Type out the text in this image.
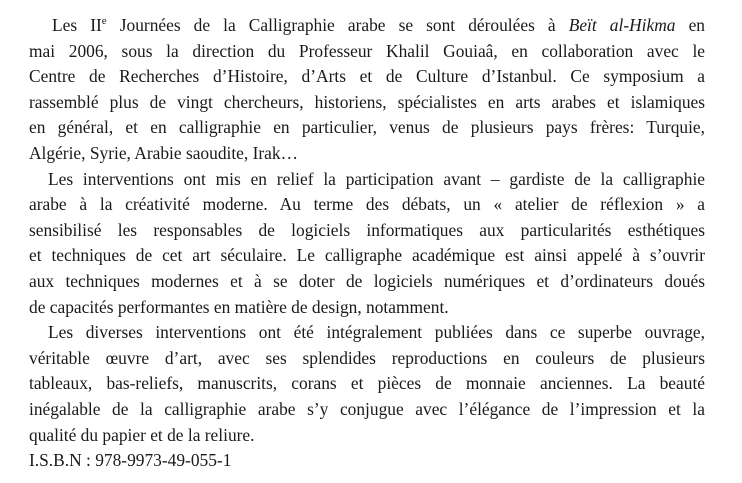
Les IIe Journées de la Calligraphie arabe se sont déroulées à Beït al-Hikma en
mai 2006, sous la direction du Professeur Khalil Gouiaâ, en collaboration avec le
Centre de Recherches d’Histoire, d’Arts et de Culture d’Istanbul. Ce symposium a
rassemblé plus de vingt chercheurs, historiens, spécialistes en arts arabes et islamiques
en général, et en calligraphie en particulier, venus de plusieurs pays frères: Turquie,
Algérie, Syrie, Arabie saoudite, Irak…
Les interventions ont mis en relief la participation avant – gardiste de la calligraphie
arabe à la créativité moderne. Au terme des débats, un « atelier de réflexion » a
sensibilisé les responsables de logiciels informatiques aux particularités esthétiques
et techniques de cet art séculaire. Le calligraphe académique est ainsi appelé à s’ouvrir
aux techniques modernes et à se doter de logiciels numériques et d’ordinateurs doués
de capacités performantes en matière de design, notamment.
Les diverses interventions ont été intégralement publiées dans ce superbe ouvrage,
véritable œuvre d’art, avec ses splendides reproductions en couleurs de plusieurs
tableaux, bas-reliefs, manuscrits, corans et pièces de monnaie anciennes. La beauté
inégalable de la calligraphie arabe s’y conjugue avec l’élégance de l’impression et la
qualité du papier et de la reliure.
I.S.B.N : 978-9973-49-055-1
